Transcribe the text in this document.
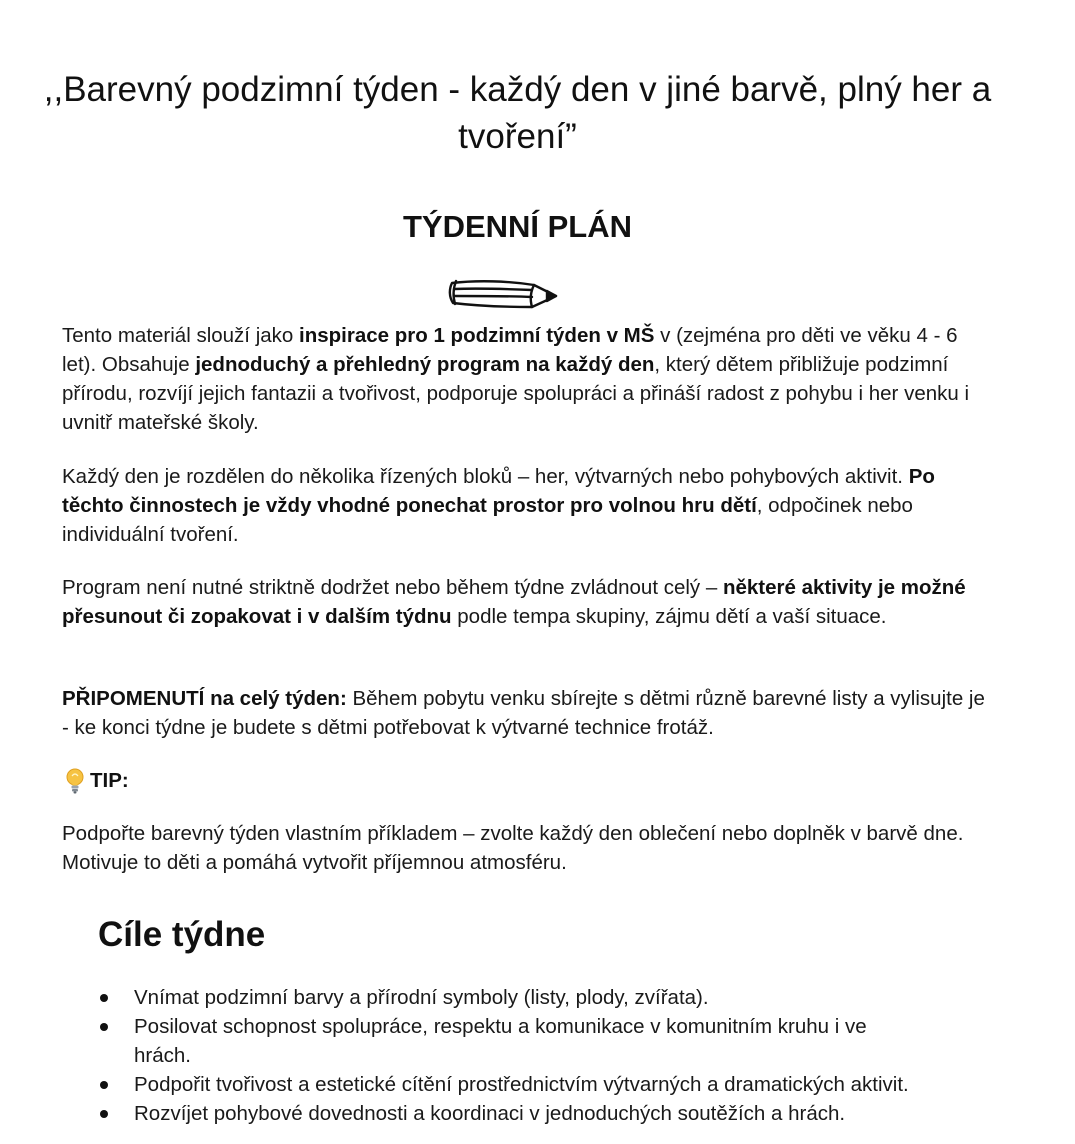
,,Barevný podzimní týden - každý den v jiné barvě, plný her a tvoření”
TÝDENNÍ PLÁN

Tento materiál slouží jako inspirace pro 1 podzimní týden v MŠ v (zejména pro děti ve věku 4 - 6 let). Obsahuje jednoduchý a přehledný program na každý den, který dětem přibližuje podzimní přírodu, rozvíjí jejich fantazii a tvořivost, podporuje spolupráci a přináší radost z pohybu i her venku i uvnitř mateřské školy.

Každý den je rozdělen do několika řízených bloků – her, výtvarných nebo pohybových aktivit. Po těchto činnostech je vždy vhodné ponechat prostor pro volnou hru dětí, odpočinek nebo individuální tvoření.

Program není nutné striktně dodržet nebo během týdne zvládnout celý – některé aktivity je možné přesunout či zopakovat i v dalším týdnu podle tempa skupiny, zájmu dětí a vaší situace.

PŘIPOMENUTÍ na celý týden: Během pobytu venku sbírejte s dětmi různě barevné listy a vylisujte je - ke konci týdne je budete s dětmi potřebovat k výtvarné technice frotáž.

TIP:

Podpořte barevný týden vlastním příkladem – zvolte každý den oblečení nebo doplněk v barvě dne. Motivuje to děti a pomáhá vytvořit příjemnou atmosféru.

Cíle týdne
Vnímat podzimní barvy a přírodní symboly (listy, plody, zvířata).
Posilovat schopnost spolupráce, respektu a komunikace v komunitním kruhu i ve hrách.
Podpořit tvořivost a estetické cítění prostřednictvím výtvarných a dramatických aktivit.
Rozvíjet pohybové dovednosti a koordinaci v jednoduchých soutěžích a hrách.
